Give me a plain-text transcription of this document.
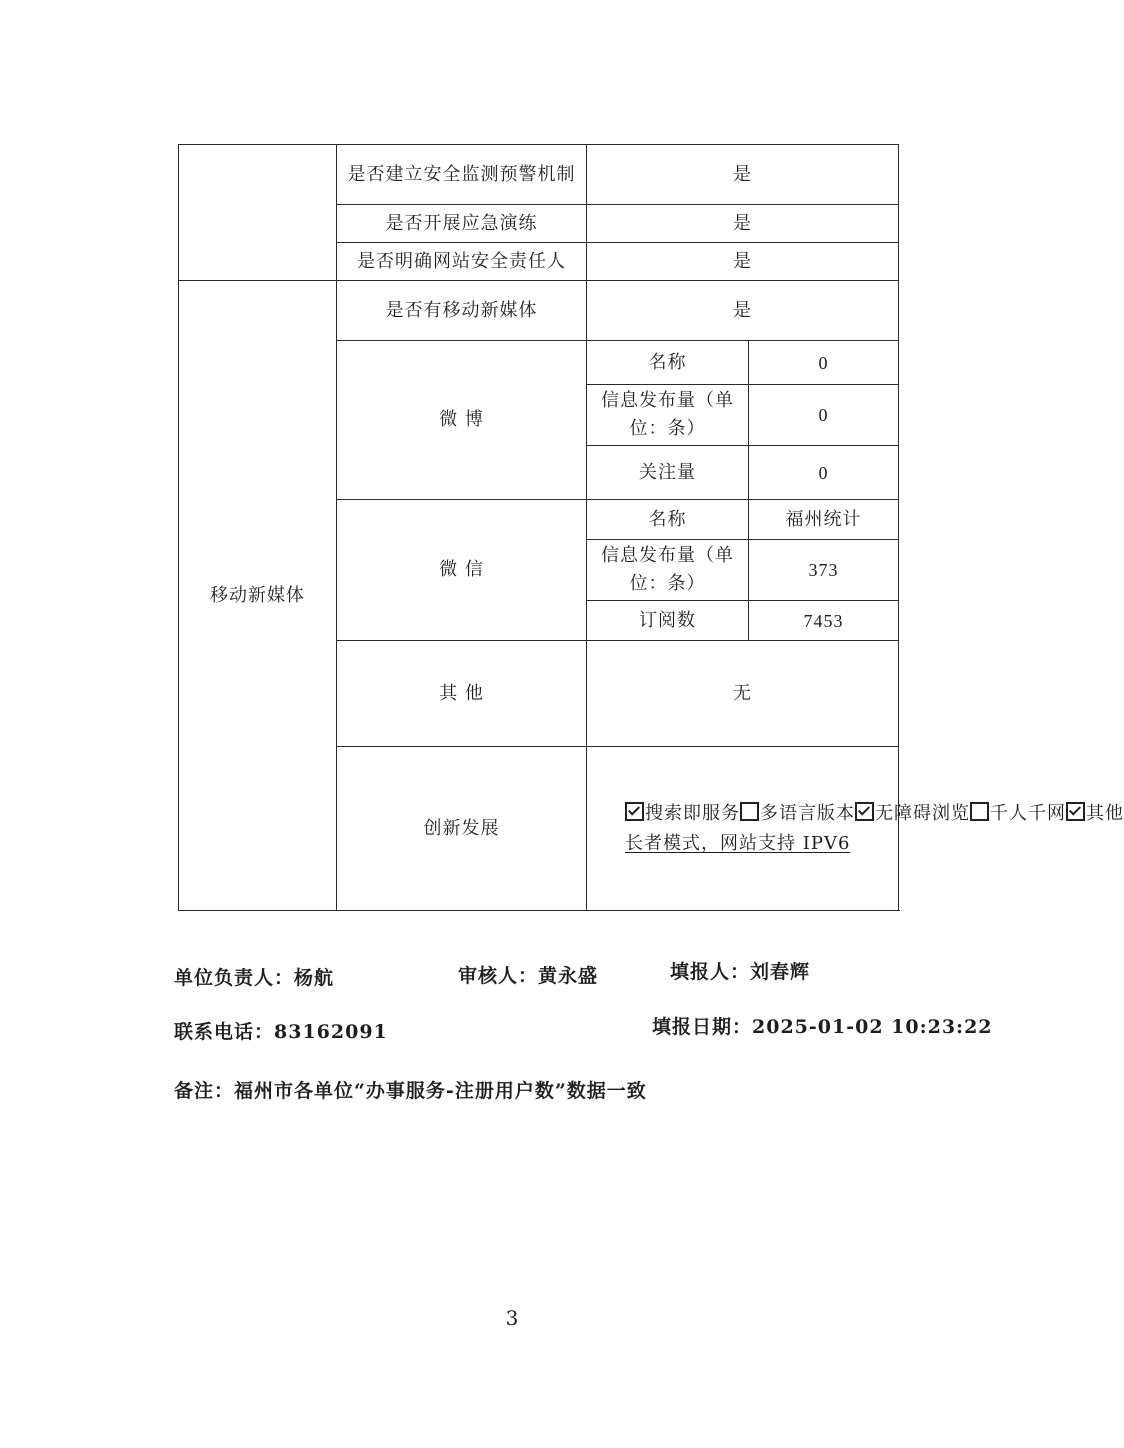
	是否建立安全监测预警机制	是	
	是否开展应急演练	是	
	是否明确网站安全责任人	是	
移动新媒体	是否有移动新媒体	是	
	微 博	名称	0
		信息发布量（单位：条）	0
		关注量	0
	微 信	名称	福州统计
		信息发布量（单位：条）	373
		订阅数	7453
	其 他	无	
	创新发展	搜索即服务 多语言版本 无障碍浏览 千人千网 其他
长者模式，网站支持 IPV6	
单位负责人：杨航	审核人：黄永盛	填报人：刘春辉
联系电话：83162091	填报日期：2025-01-02 10:23:22
备注：福州市各单位“办事服务-注册用户数”数据一致
3
